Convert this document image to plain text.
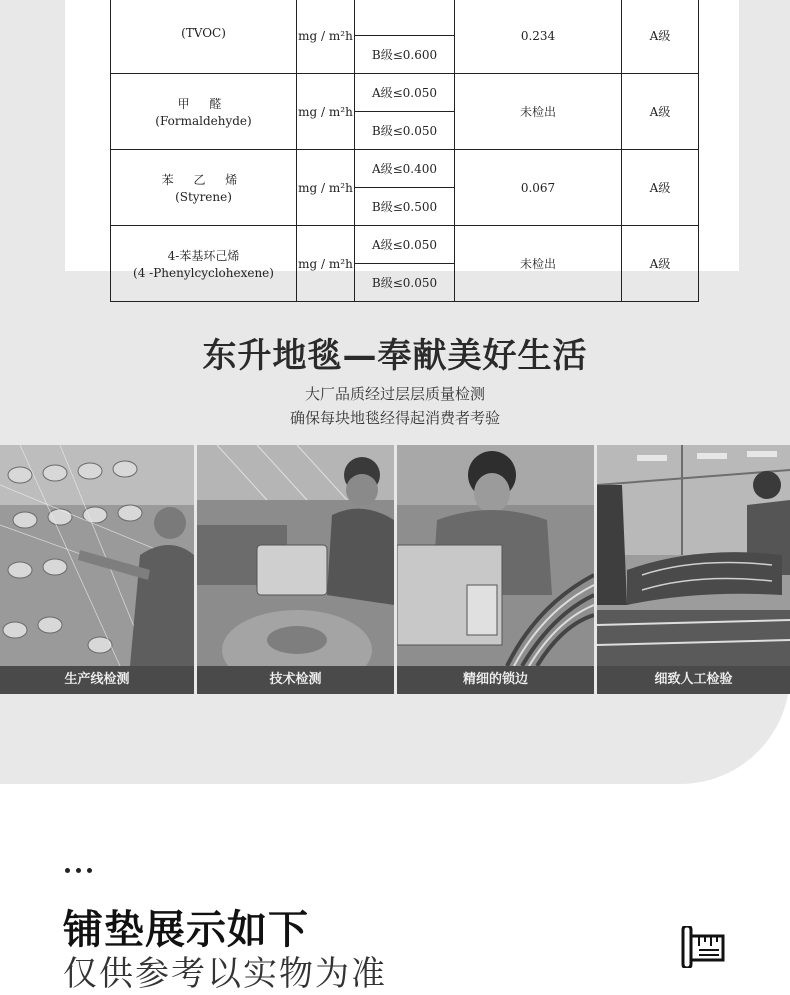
(TVOC)	mg / m²h		0.234	A级
		B级≤0.600		

甲 醛
(Formaldehyde)	mg / m²h	A级≤0.050	未检出	A级
		B级≤0.050		

苯 乙 烯
(Styrene)	mg / m²h	A级≤0.400	0.067	A级
		B级≤0.500		

4-苯基环己烯
(4 -Phenylcyclohexene)	mg / m²h	A级≤0.050	未检出	A级
		B级≤0.050		
东升地毯—奉献美好生活
大厂品质经过层层质量检测
确保每块地毯经得起消费者考验
生产线检测	技术检测	精细的锁边	细致人工检验
铺垫展示如下
仅供参考以实物为准
